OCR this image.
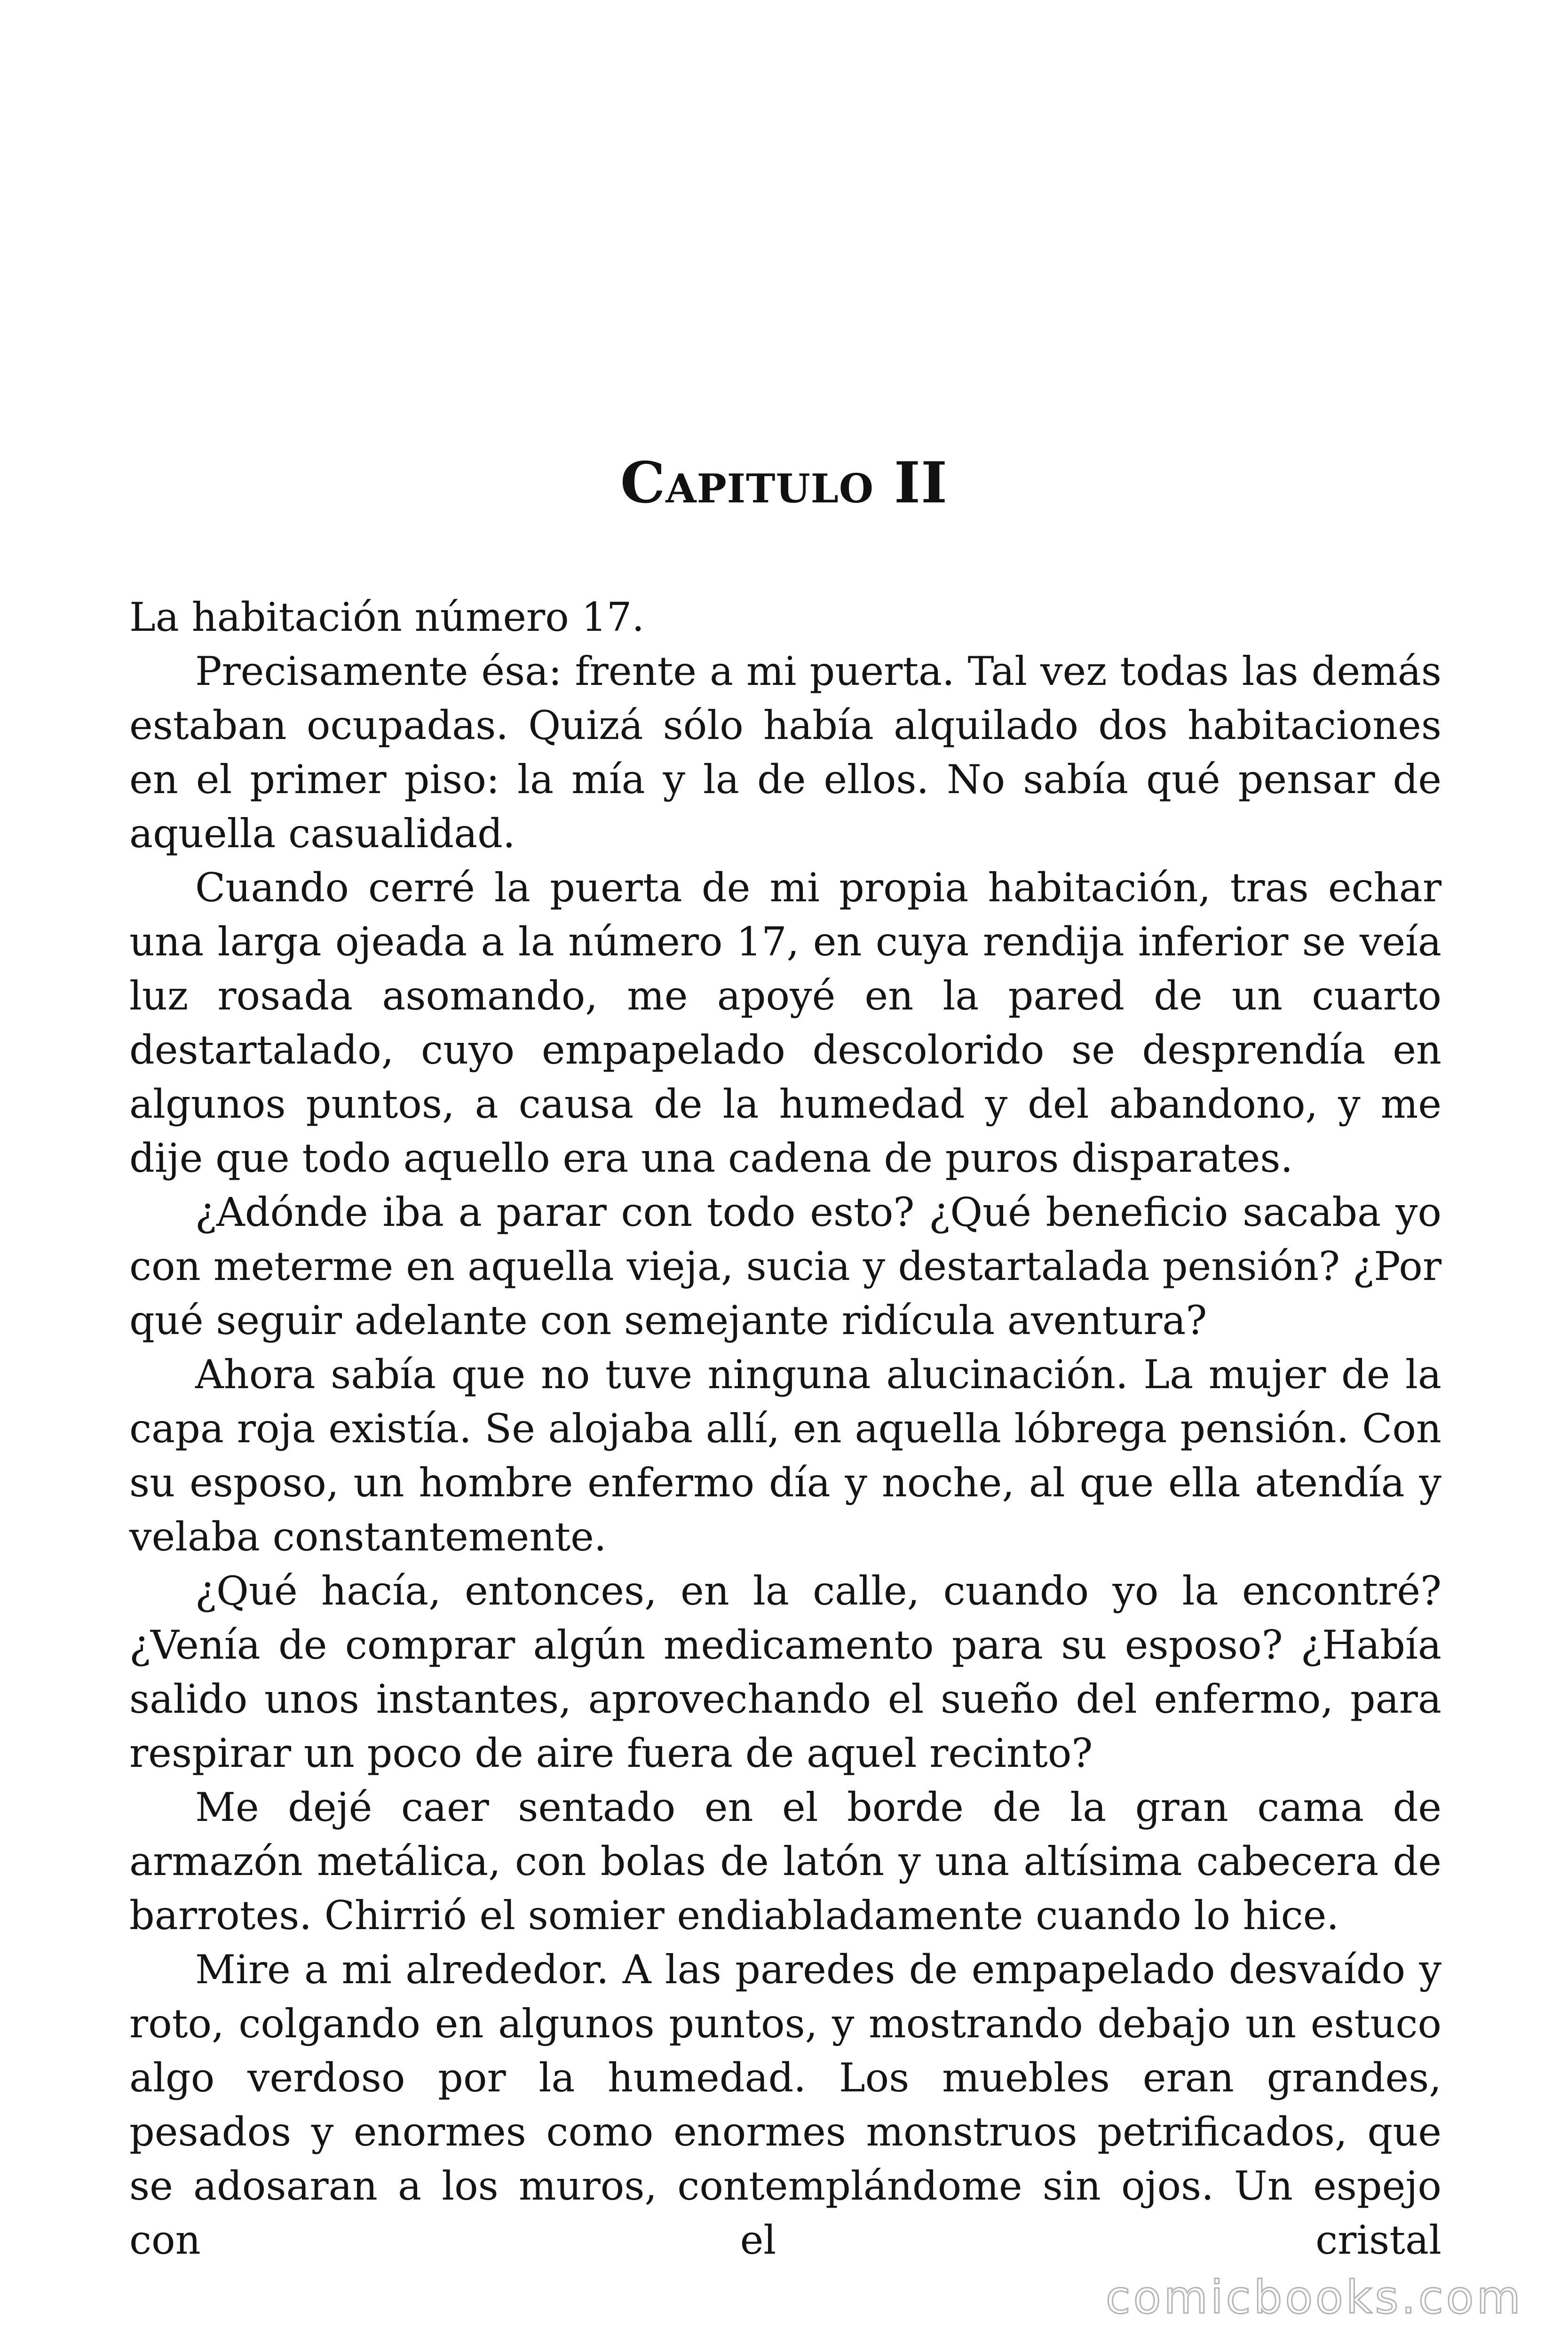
Capitulo II

La habitación número 17.

Precisamente ésa: frente a mi puerta. Tal vez todas las demás estaban ocupadas. Quizá sólo había alquilado dos habitaciones en el primer piso: la mía y la de ellos. No sabía qué pensar de aquella casualidad.

Cuando cerré la puerta de mi propia habitación, tras echar una larga ojeada a la número 17, en cuya rendija inferior se veía luz rosada asomando, me apoyé en la pared de un cuarto destartalado, cuyo empapelado descolorido se desprendía en algunos puntos, a causa de la humedad y del abandono, y me dije que todo aquello era una cadena de puros disparates.

¿Adónde iba a parar con todo esto? ¿Qué beneficio sacaba yo con meterme en aquella vieja, sucia y destartalada pensión? ¿Por qué seguir adelante con semejante ridícula aventura?

Ahora sabía que no tuve ninguna alucinación. La mujer de la capa roja existía. Se alojaba allí, en aquella lóbrega pensión. Con su esposo, un hombre enfermo día y noche, al que ella atendía y velaba constantemente.

¿Qué hacía, entonces, en la calle, cuando yo la encontré? ¿Venía de comprar algún medicamento para su esposo? ¿Había salido unos instantes, aprovechando el sueño del enfermo, para respirar un poco de aire fuera de aquel recinto?

Me dejé caer sentado en el borde de la gran cama de armazón metálica, con bolas de latón y una altísima cabecera de barrotes. Chirrió el somier endiabladamente cuando lo hice.

Mire a mi alrededor. A las paredes de empapelado desvaído y roto, colgando en algunos puntos, y mostrando debajo un estuco algo verdoso por la humedad. Los muebles eran grandes, pesados y enormes como enormes monstruos petrificados, que se adosaran a los muros, contemplándome sin ojos. Un espejo con el cristal

comicbooks.com
